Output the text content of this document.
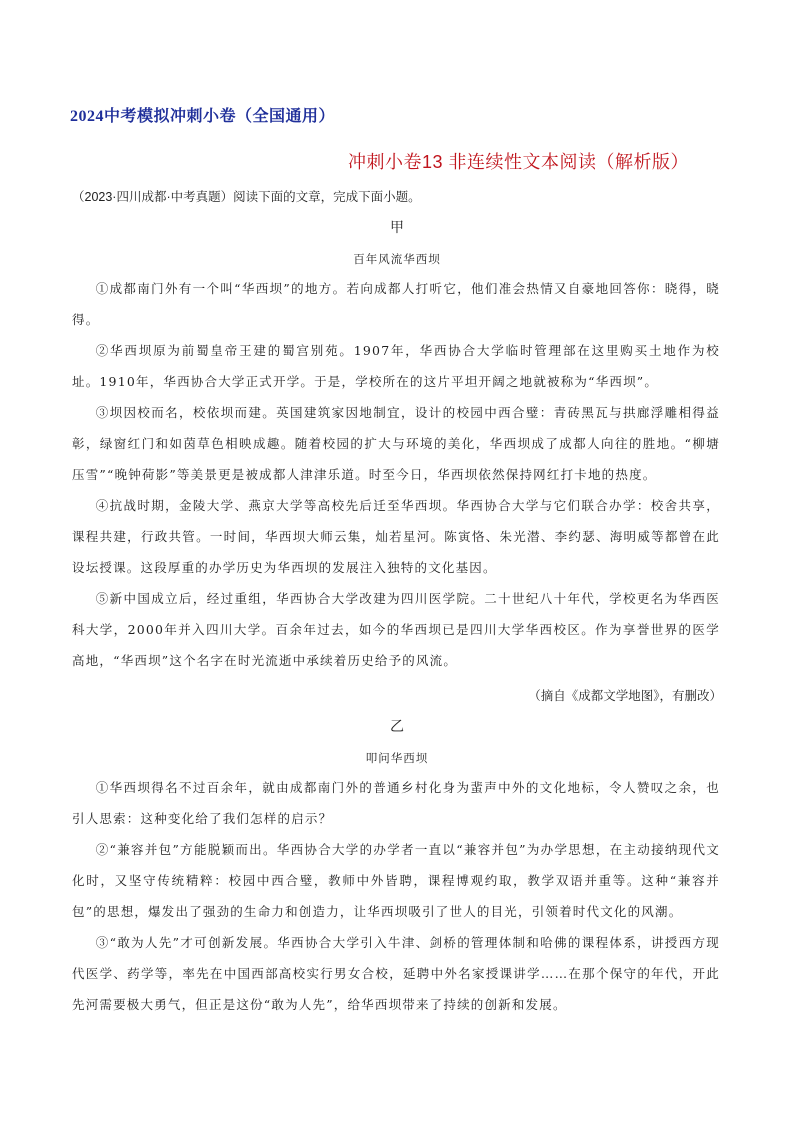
2024中考模拟冲刺小卷（全国通用）
冲刺小卷13 非连续性文本阅读（解析版）
（2023·四川成都·中考真题）阅读下面的文章，完成下面小题。
甲
百年风流华西坝

①成都南门外有一个叫“华西坝”的地方。若向成都人打听它，他们准会热情又自豪地回答你：晓得，晓得。

②华西坝原为前蜀皇帝王建的蜀宫别苑。1907年，华西协合大学临时管理部在这里购买土地作为校址。1910年，华西协合大学正式开学。于是，学校所在的这片平坦开阔之地就被称为“华西坝”。

③坝因校而名，校依坝而建。英国建筑家因地制宜，设计的校园中西合璧：青砖黑瓦与拱廊浮雕相得益彰，绿窗红门和如茵草色相映成趣。随着校园的扩大与环境的美化，华西坝成了成都人向往的胜地。“柳塘压雪”“晚钟荷影”等美景更是被成都人津津乐道。时至今日，华西坝依然保持网红打卡地的热度。

④抗战时期，金陵大学、燕京大学等高校先后迁至华西坝。华西协合大学与它们联合办学：校舍共享，课程共建，行政共管。一时间，华西坝大师云集，灿若星河。陈寅恪、朱光潜、李约瑟、海明威等都曾在此设坛授课。这段厚重的办学历史为华西坝的发展注入独特的文化基因。

⑤新中国成立后，经过重组，华西协合大学改建为四川医学院。二十世纪八十年代，学校更名为华西医科大学，2000年并入四川大学。百余年过去，如今的华西坝已是四川大学华西校区。作为享誉世界的医学高地，“华西坝”这个名字在时光流逝中承续着历史给予的风流。

（摘自《成都文学地图》，有删改）
乙
叩问华西坝

①华西坝得名不过百余年，就由成都南门外的普通乡村化身为蜚声中外的文化地标，令人赞叹之余，也引人思索：这种变化给了我们怎样的启示？

②“兼容并包”方能脱颖而出。华西协合大学的办学者一直以“兼容并包”为办学思想，在主动接纳现代文化时，又坚守传统精粹：校园中西合璧，教师中外皆聘，课程博观约取，教学双语并重等。这种“兼容并包”的思想，爆发出了强劲的生命力和创造力，让华西坝吸引了世人的目光，引领着时代文化的风潮。

③“敢为人先”才可创新发展。华西协合大学引入牛津、剑桥的管理体制和哈佛的课程体系，讲授西方现代医学、药学等，率先在中国西部高校实行男女合校，延聘中外名家授课讲学……在那个保守的年代，开此先河需要极大勇气，但正是这份“敢为人先”，给华西坝带来了持续的创新和发展。
